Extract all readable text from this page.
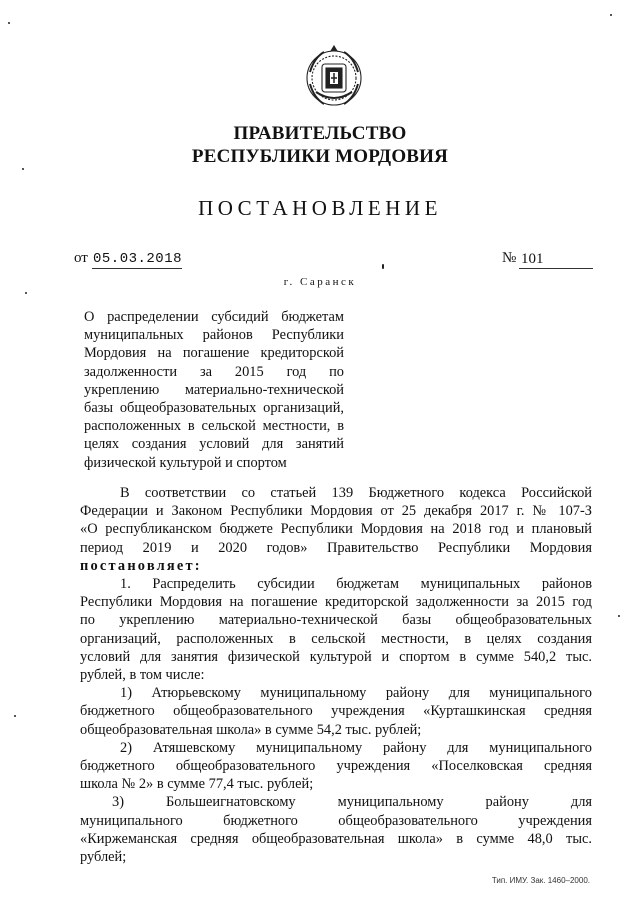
ПРАВИТЕЛЬСТВО
РЕСПУБЛИКИ МОРДОВИЯ
ПОСТАНОВЛЕНИЕ
от 05.03.2018	№ 101
г. Саранск
О распределении субсидий бюджетам
муниципальных районов Республики
Мордовия на погашение кредиторской
задолженности за 2015 год по
укреплению материально-технической
базы общеобразовательных организаций,
расположенных в сельской местности, в
целях создания условий для занятий
физической культурой и спортом
В соответствии со статьей 139 Бюджетного кодекса Российской
Федерации и Законом Республики Мордовия от 25 декабря 2017 г. № 107-З
«О республиканском бюджете Республики Мордовия на 2018 год и плановый
период 2019 и 2020 годов» Правительство Республики Мордовия
постановляет:
1. Распределить субсидии бюджетам муниципальных районов
Республики Мордовия на погашение кредиторской задолженности за 2015 год
по укреплению материально-технической базы общеобразовательных
организаций, расположенных в сельской местности, в целях создания
условий для занятия физической культурой и спортом в сумме 540,2 тыс.
рублей, в том числе:
1) Атюрьевскому муниципальному району для муниципального
бюджетного общеобразовательного учреждения «Курташкинская средняя
общеобразовательная школа» в сумме 54,2 тыс. рублей;
2) Атяшевскому муниципальному району для муниципального
бюджетного общеобразовательного учреждения «Поселковская средняя
школа № 2» в сумме 77,4 тыс. рублей;
3) Большеигнатовскому муниципальному району для
муниципального бюджетного общеобразовательного учреждения
«Киржеманская средняя общеобразовательная школа» в сумме 48,0 тыс.
рублей;
Тип. ИМУ. Зак. 1460–2000.
